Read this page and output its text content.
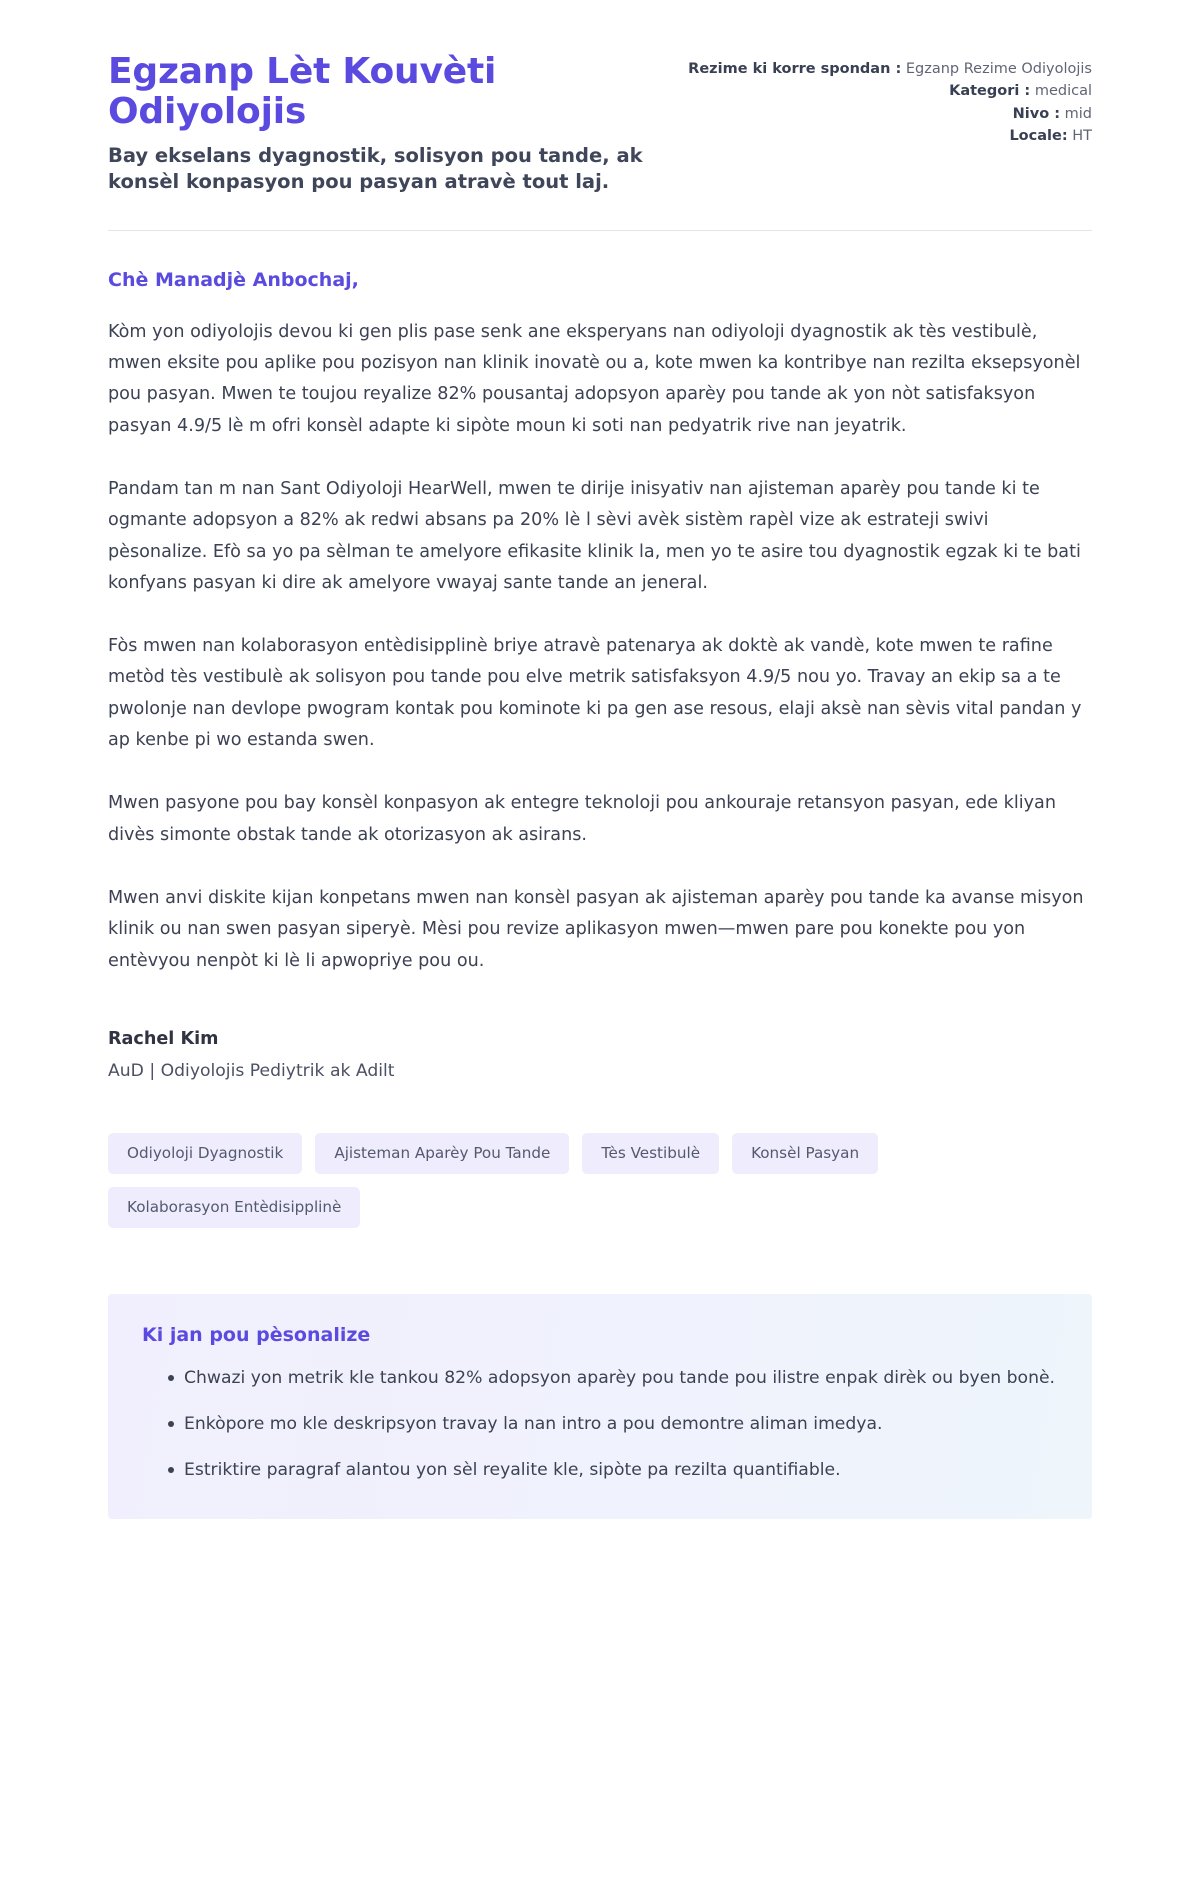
Egzanp Lèt Kouvèti Odiyolojis

Bay ekselans dyagnostik, solisyon pou tande, ak konsèl konpasyon pou pasyan atravè tout laj.

Rezime ki korre spondan : Egzanp Rezime Odiyolojis
Kategori : medical
Nivo : mid
Locale: HT

Chè Manadjè Anbochaj,

Kòm yon odiyolojis devou ki gen plis pase senk ane eksperyans nan odiyoloji dyagnostik ak tès vestibulè, mwen eksite pou aplike pou pozisyon nan klinik inovatè ou a, kote mwen ka kontribye nan rezilta eksepsyonèl pou pasyan. Mwen te toujou reyalize 82% pousantaj adopsyon aparèy pou tande ak yon nòt satisfaksyon pasyan 4.9/5 lè m ofri konsèl adapte ki sipòte moun ki soti nan pedyatrik rive nan jeyatrik.

Pandam tan m nan Sant Odiyoloji HearWell, mwen te dirije inisyativ nan ajisteman aparèy pou tande ki te ogmante adopsyon a 82% ak redwi absans pa 20% lè l sèvi avèk sistèm rapèl vize ak estrateji swivi pèsonalize. Efò sa yo pa sèlman te amelyore efikasite klinik la, men yo te asire tou dyagnostik egzak ki te bati konfyans pasyan ki dire ak amelyore vwayaj sante tande an jeneral.

Fòs mwen nan kolaborasyon entèdisipplinè briye atravè patenarya ak doktè ak vandè, kote mwen te rafine metòd tès vestibulè ak solisyon pou tande pou elve metrik satisfaksyon 4.9/5 nou yo. Travay an ekip sa a te pwolonje nan devlope pwogram kontak pou kominote ki pa gen ase resous, elaji aksè nan sèvis vital pandan y ap kenbe pi wo estanda swen.

Mwen pasyone pou bay konsèl konpasyon ak entegre teknoloji pou ankouraje retansyon pasyan, ede kliyan divès simonte obstak tande ak otorizasyon ak asirans.

Mwen anvi diskite kijan konpetans mwen nan konsèl pasyan ak ajisteman aparèy pou tande ka avanse misyon klinik ou nan swen pasyan siperyè. Mèsi pou revize aplikasyon mwen—mwen pare pou konekte pou yon entèvyou nenpòt ki lè li apwopriye pou ou.

Rachel Kim

AuD | Odiyolojis Pediytrik ak Adilt

Odiyoloji Dyagnostik	Ajisteman Aparèy Pou Tande	Tès Vestibulè	Konsèl Pasyan
Kolaborasyon Entèdisipplinè
Ki jan pou pèsonalize
Chwazi yon metrik kle tankou 82% adopsyon aparèy pou tande pou ilistre enpak dirèk ou byen bonè.
Enkòpore mo kle deskripsyon travay la nan intro a pou demontre aliman imedya.
Estriktire paragraf alantou yon sèl reyalite kle, sipòte pa rezilta quantifiable.
